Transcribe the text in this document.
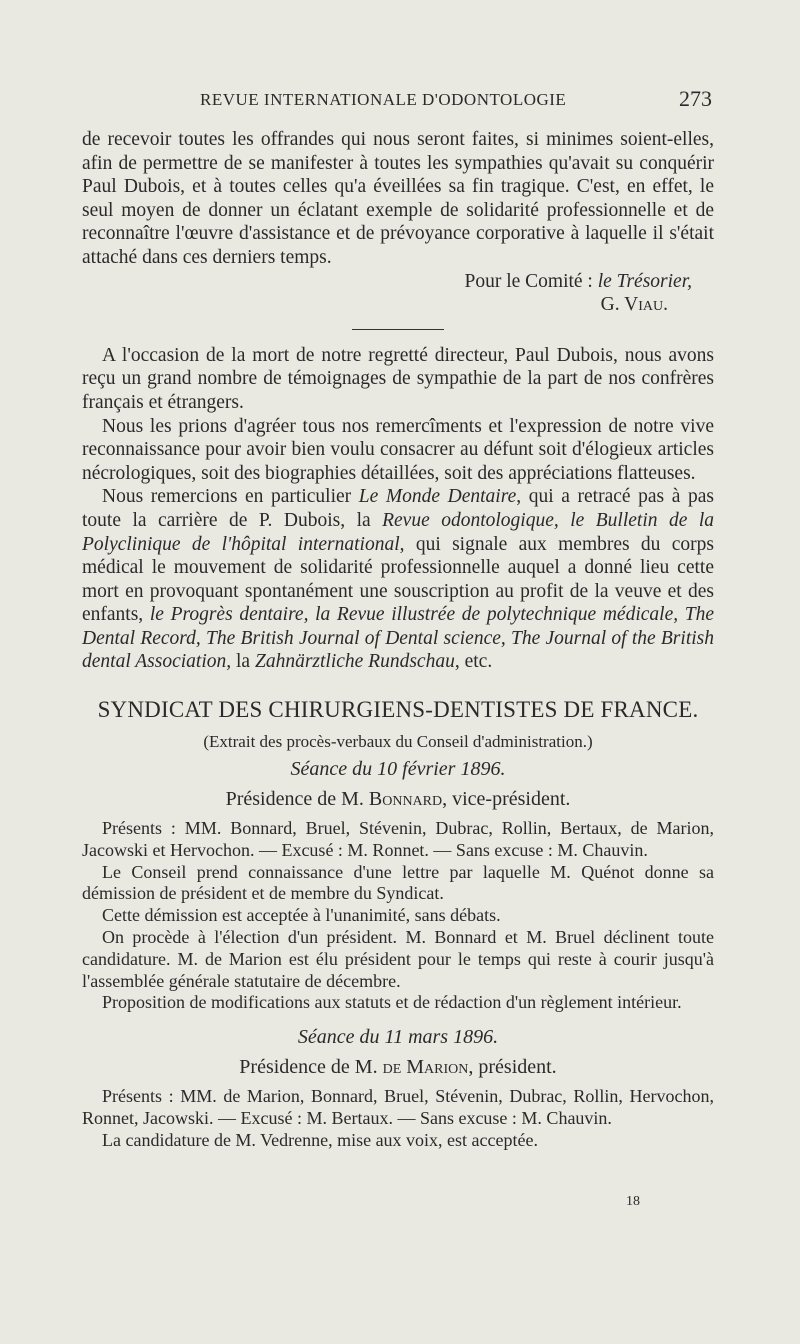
REVUE INTERNATIONALE D'ODONTOLOGIE	273

de recevoir toutes les offrandes qui nous seront faites, si minimes soient-elles, afin de permettre de se manifester à toutes les sympathies qu'avait su conquérir Paul Dubois, et à toutes celles qu'a éveillées sa fin tragique. C'est, en effet, le seul moyen de donner un éclatant exemple de solidarité professionnelle et de reconnaître l'œuvre d'assistance et de prévoyance corporative à laquelle il s'était attaché dans ces derniers temps.

Pour le Comité : le Trésorier,
G. Viau.

A l'occasion de la mort de notre regretté directeur, Paul Dubois, nous avons reçu un grand nombre de témoignages de sympathie de la part de nos confrères français et étrangers.

Nous les prions d'agréer tous nos remercîments et l'expression de notre vive reconnaissance pour avoir bien voulu consacrer au défunt soit d'élogieux articles nécrologiques, soit des biographies détaillées, soit des appréciations flatteuses.

Nous remercions en particulier Le Monde Dentaire, qui a retracé pas à pas toute la carrière de P. Dubois, la Revue odontologique, le Bulletin de la Polyclinique de l'hôpital international, qui signale aux membres du corps médical le mouvement de solidarité professionnelle auquel a donné lieu cette mort en provoquant spontanément une souscription au profit de la veuve et des enfants, le Progrès dentaire, la Revue illustrée de polytechnique médicale, The Dental Record, The British Journal of Dental science, The Journal of the British dental Association, la Zahnärztliche Rundschau, etc.

SYNDICAT DES CHIRURGIENS-DENTISTES DE FRANCE.
(Extrait des procès-verbaux du Conseil d'administration.)
Séance du 10 février 1896.
Présidence de M. Bonnard, vice-président.

Présents : MM. Bonnard, Bruel, Stévenin, Dubrac, Rollin, Bertaux, de Marion, Jacowski et Hervochon. — Excusé : M. Ronnet. — Sans excuse : M. Chauvin.

Le Conseil prend connaissance d'une lettre par laquelle M. Quénot donne sa démission de président et de membre du Syndicat.

Cette démission est acceptée à l'unanimité, sans débats.

On procède à l'élection d'un président. M. Bonnard et M. Bruel déclinent toute candidature. M. de Marion est élu président pour le temps qui reste à courir jusqu'à l'assemblée générale statutaire de décembre.

Proposition de modifications aux statuts et de rédaction d'un règlement intérieur.

Séance du 11 mars 1896.
Présidence de M. de Marion, président.

Présents : MM. de Marion, Bonnard, Bruel, Stévenin, Dubrac, Rollin, Hervochon, Ronnet, Jacowski. — Excusé : M. Bertaux. — Sans excuse : M. Chauvin.

La candidature de M. Vedrenne, mise aux voix, est acceptée.

18
